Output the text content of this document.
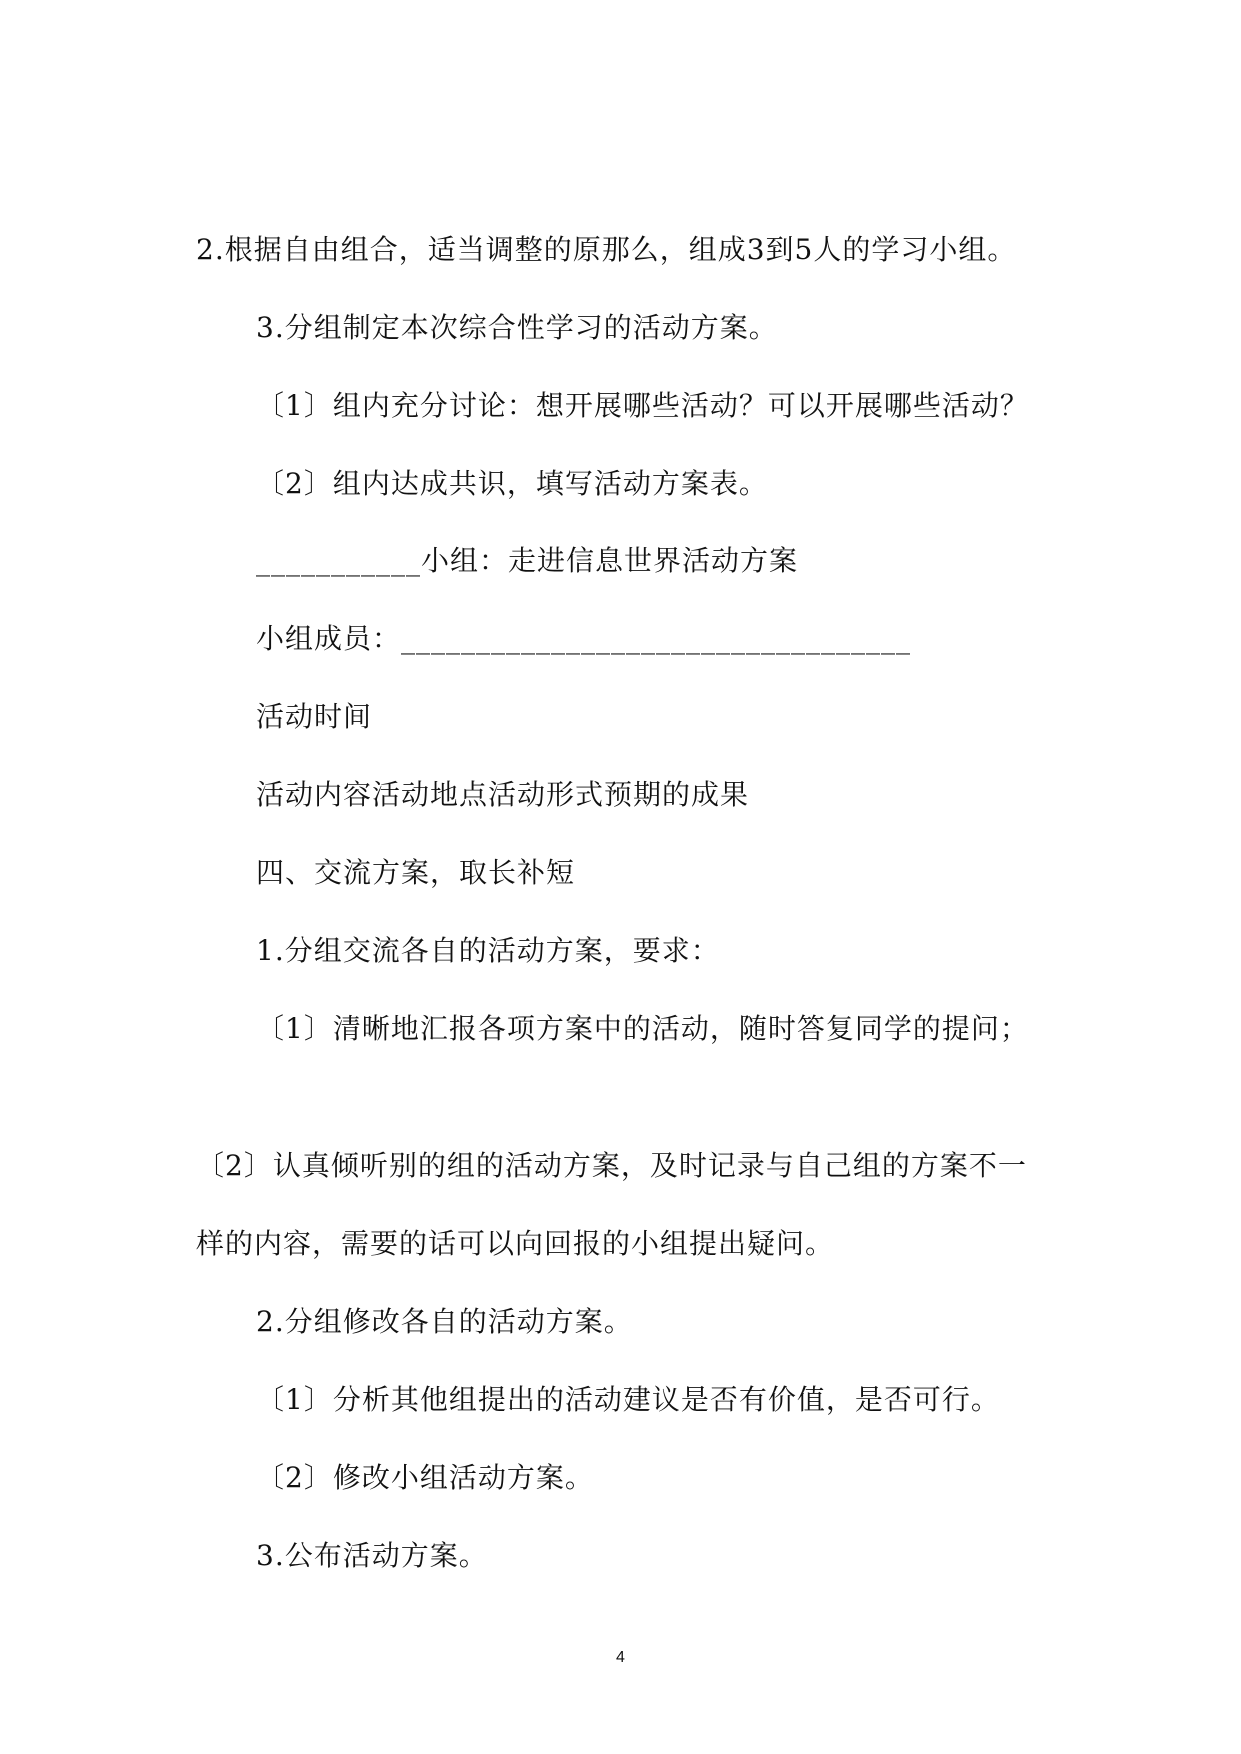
2.根据自由组合，适当调整的原那么，组成3到5人的学习小组。
3.分组制定本次综合性学习的活动方案。
〔1〕组内充分讨论：想开展哪些活动？可以开展哪些活动？
〔2〕组内达成共识，填写活动方案表。
___________小组：走进信息世界活动方案
小组成员：__________________________________
活动时间
活动内容活动地点活动形式预期的成果
四、交流方案，取长补短
1.分组交流各自的活动方案，要求：
〔1〕清晰地汇报各项方案中的活动，随时答复同学的提问；
〔2〕认真倾听别的组的活动方案，及时记录与自己组的方案不一
样的内容，需要的话可以向回报的小组提出疑问。
2.分组修改各自的活动方案。
〔1〕分析其他组提出的活动建议是否有价值，是否可行。
〔2〕修改小组活动方案。
3.公布活动方案。
4
